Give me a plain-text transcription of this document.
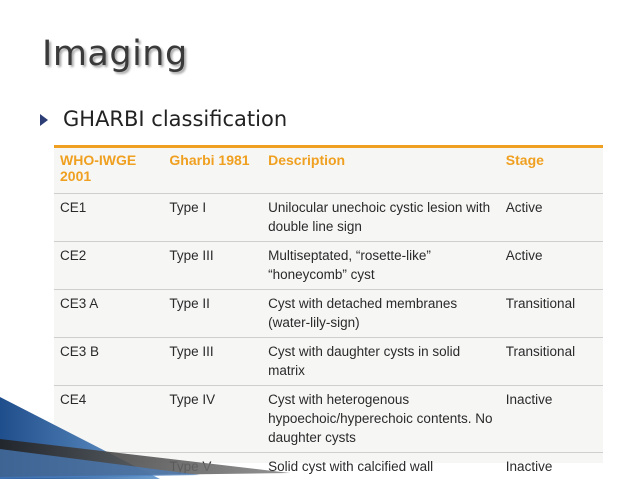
Imaging
GHARBI classification
WHO-IWGE 2001	Gharbi 1981	Description	Stage
CE1	Type I	Unilocular unechoic cystic lesion with double line sign	Active
CE2	Type III	Multiseptated, “rosette-like” “honeycomb” cyst	Active
CE3 A	Type II	Cyst with detached membranes (water-lily-sign)	Transitional
CE3 B	Type III	Cyst with daughter cysts in solid matrix	Transitional
CE4	Type IV	Cyst with heterogenous hypoechoic/hyperechoic contents. No daughter cysts	Inactive
		Solid cyst with calcified wall	Inactive
